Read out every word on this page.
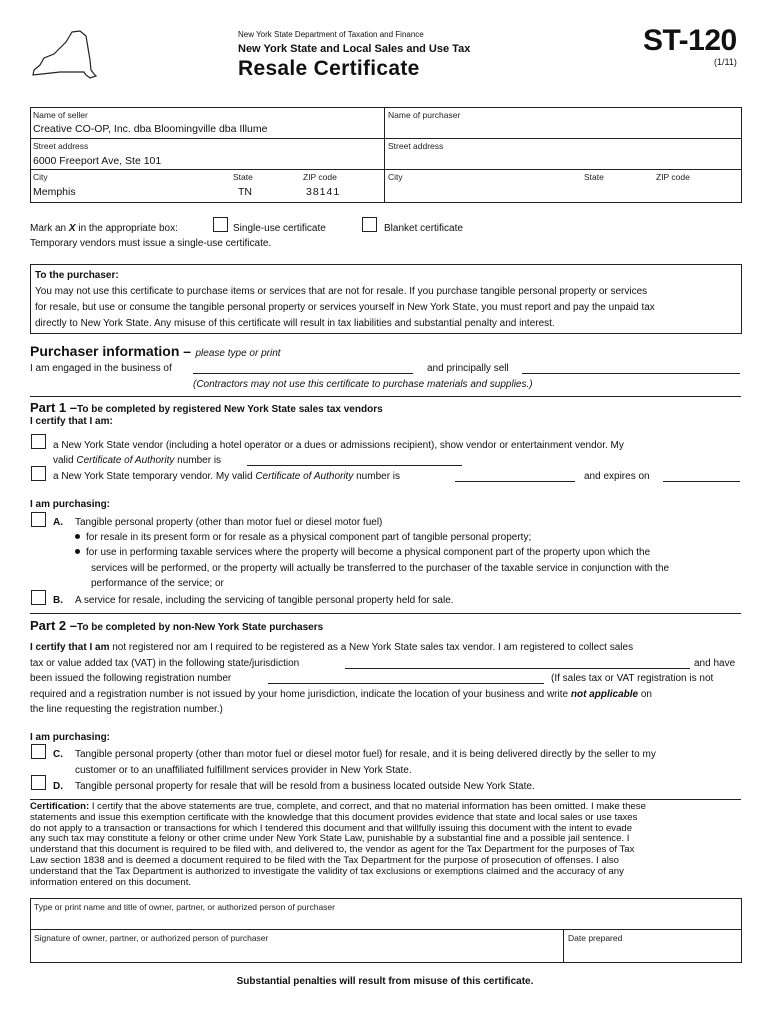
New York State Department of Taxation and Finance
New York State and Local Sales and Use Tax
Resale Certificate
ST-120
(1/11)
Name of seller
Creative CO-OP, Inc. dba Bloomingville dba Illume
Street address
6000 Freeport Ave, Ste 101
City
Memphis
State
TN
ZIP code
38141
Name of purchaser
Street address
City	State	ZIP code
Mark an X in the appropriate box:	Single-use certificate	Blanket certificate
Temporary vendors must issue a single-use certificate.
To the purchaser:
You may not use this certificate to purchase items or services that are not for resale. If you purchase tangible personal property or services
for resale, but use or consume the tangible personal property or services yourself in New York State, you must report and pay the unpaid tax
directly to New York State. Any misuse of this certificate will result in tax liabilities and substantial penalty and interest.
Purchaser information – please type or print
I am engaged in the business of	and principally sell
(Contractors may not use this certificate to purchase materials and supplies.)
Part 1 –To be completed by registered New York State sales tax vendors
I certify that I am:
a New York State vendor (including a hotel operator or a dues or admissions recipient), show vendor or entertainment vendor. My
valid Certificate of Authority number is
a New York State temporary vendor. My valid Certificate of Authority number is	and expires on
I am purchasing:
A. Tangible personal property (other than motor fuel or diesel motor fuel)
for resale in its present form or for resale as a physical component part of tangible personal property;
for use in performing taxable services where the property will become a physical component part of the property upon which the
services will be performed, or the property will actually be transferred to the purchaser of the taxable service in conjunction with the
performance of the service; or
B. A service for resale, including the servicing of tangible personal property held for sale.
Part 2 –To be completed by non-New York State purchasers
I certify that I am not registered nor am I required to be registered as a New York State sales tax vendor. I am registered to collect sales
tax or value added tax (VAT) in the following state/jurisdiction	and have
been issued the following registration number	(If sales tax or VAT registration is not
required and a registration number is not issued by your home jurisdiction, indicate the location of your business and write not applicable on
the line requesting the registration number.)
I am purchasing:
C. Tangible personal property (other than motor fuel or diesel motor fuel) for resale, and it is being delivered directly by the seller to my
customer or to an unaffiliated fulfillment services provider in New York State.
D. Tangible personal property for resale that will be resold from a business located outside New York State.
Certification: I certify that the above statements are true, complete, and correct, and that no material information has been omitted. I make these
statements and issue this exemption certificate with the knowledge that this document provides evidence that state and local sales or use taxes
do not apply to a transaction or transactions for which I tendered this document and that willfully issuing this document with the intent to evade
any such tax may constitute a felony or other crime under New York State Law, punishable by a substantial fine and a possible jail sentence. I
understand that this document is required to be filed with, and delivered to, the vendor as agent for the Tax Department for the purposes of Tax
Law section 1838 and is deemed a document required to be filed with the Tax Department for the purpose of prosecution of offenses. I also
understand that the Tax Department is authorized to investigate the validity of tax exclusions or exemptions claimed and the accuracy of any
information entered on this document.
Type or print name and title of owner, partner, or authorized person of purchaser
Signature of owner, partner, or authorized person of purchaser	Date prepared
Substantial penalties will result from misuse of this certificate.
